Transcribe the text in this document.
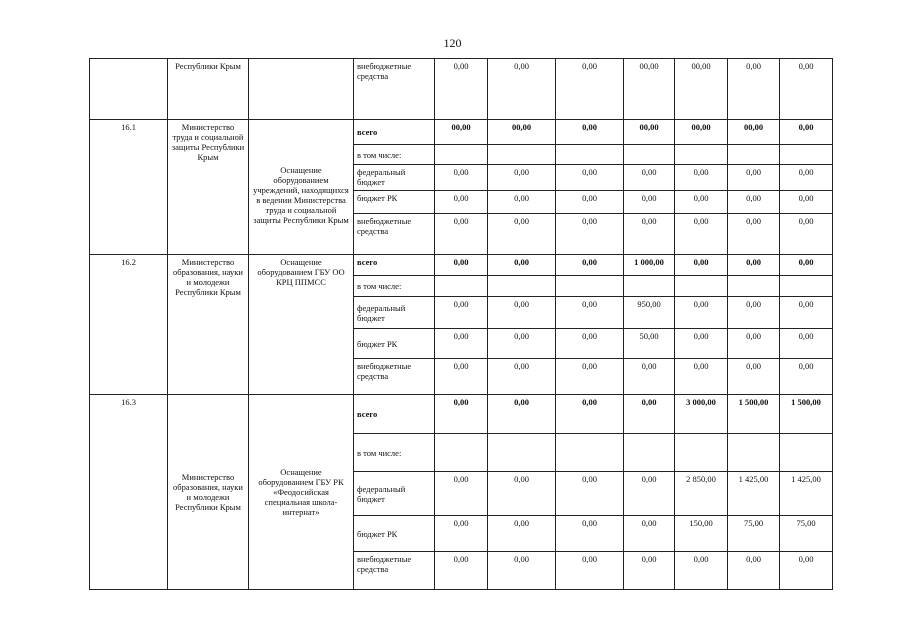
120
	Республики Крым		внебюджетные средства	0,00	0,00	0,00	00,00	00,00	0,00	0,00
16.1	Министерство труда и социальной защиты Республики Крым	Оснащение оборудованием учреждений, находящихся в ведении Министерства труда и социальной защиты Республики Крым	всего	00,00	00,00	0,00	00,00	00,00	00,00	0,00
			в том числе:							
			федеральный бюджет	0,00	0,00	0,00	0,00	0,00	0,00	0,00
			бюджет РК	0,00	0,00	0,00	0,00	0,00	0,00	0,00
			внебюджетные средства	0,00	0,00	0,00	0,00	0,00	0,00	0,00
16.2	Министерство образования, науки и молодежи Республики Крым	Оснащение оборудованием ГБУ ОО КРЦ ППМСС	всего	0,00	0,00	0,00	1 000,00	0,00	0,00	0,00
			в том числе:							
			федеральный бюджет	0,00	0,00	0,00	950,00	0,00	0,00	0,00
			бюджет РК	0,00	0,00	0,00	50,00	0,00	0,00	0,00
			внебюджетные средства	0,00	0,00	0,00	0,00	0,00	0,00	0,00
16.3	Министерство образования, науки и молодежи Республики Крым	Оснащение оборудованием ГБУ РК «Феодосийская специальная школа-интернат»	всего	0,00	0,00	0,00	0,00	3 000,00	1 500,00	1 500,00
			в том числе:							
			федеральный бюджет	0,00	0,00	0,00	0,00	2 850,00	1 425,00	1 425,00
			бюджет РК	0,00	0,00	0,00	0,00	150,00	75,00	75,00
			внебюджетные средства	0,00	0,00	0,00	0,00	0,00	0,00	0,00
